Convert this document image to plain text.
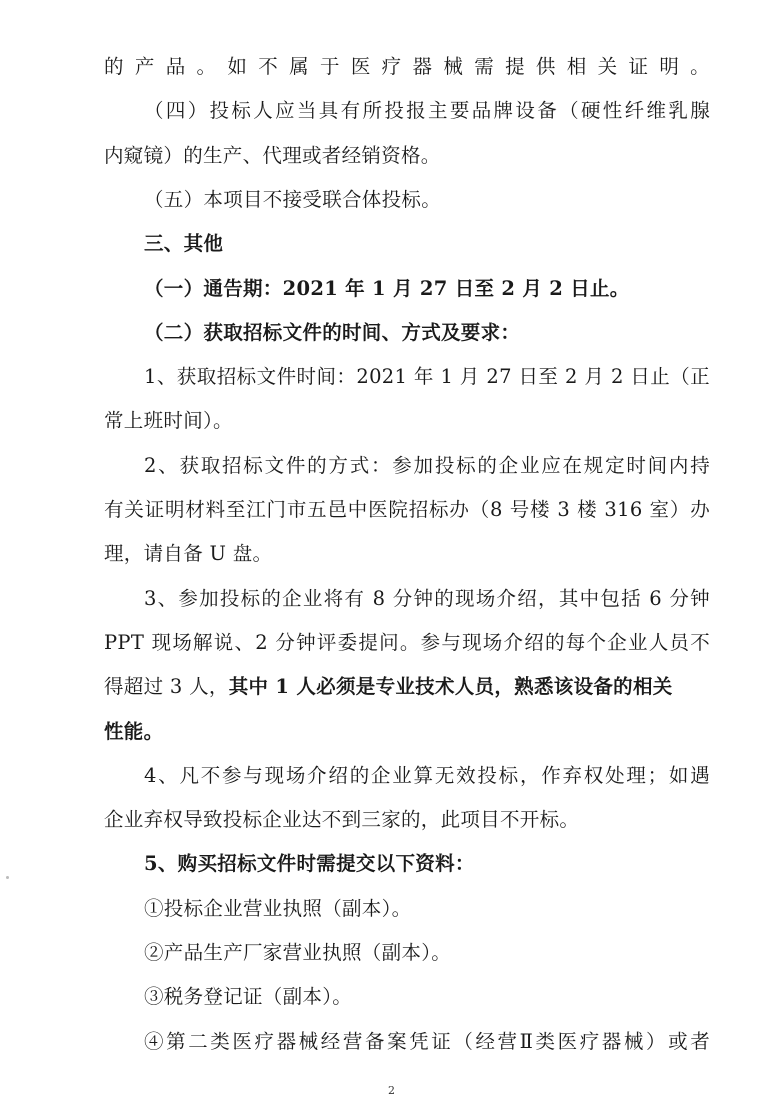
的产品。如不属于医疗器械需提供相关证明。
（四）投标人应当具有所投报主要品牌设备（硬性纤维乳腺
内窥镜）的生产、代理或者经销资格。
（五）本项目不接受联合体投标。
三、其他
（一）通告期：2021 年 1 月 27 日至 2 月 2 日止。
（二）获取招标文件的时间、方式及要求：
1、获取招标文件时间：2021 年 1 月 27 日至 2 月 2 日止（正
常上班时间）。
2、获取招标文件的方式：参加投标的企业应在规定时间内持
有关证明材料至江门市五邑中医院招标办（8 号楼 3 楼 316 室）办
理，请自备 U 盘。
3、参加投标的企业将有 8 分钟的现场介绍，其中包括 6 分钟
PPT 现场解说、2 分钟评委提问。参与现场介绍的每个企业人员不
得超过 3 人，其中 1 人必须是专业技术人员，熟悉该设备的相关
性能。
4、凡不参与现场介绍的企业算无效投标，作弃权处理；如遇
企业弃权导致投标企业达不到三家的，此项目不开标。
5、购买招标文件时需提交以下资料：
①投标企业营业执照（副本）。
②产品生产厂家营业执照（副本）。
③税务登记证（副本）。
④第二类医疗器械经营备案凭证（经营Ⅱ类医疗器械）或者
2
